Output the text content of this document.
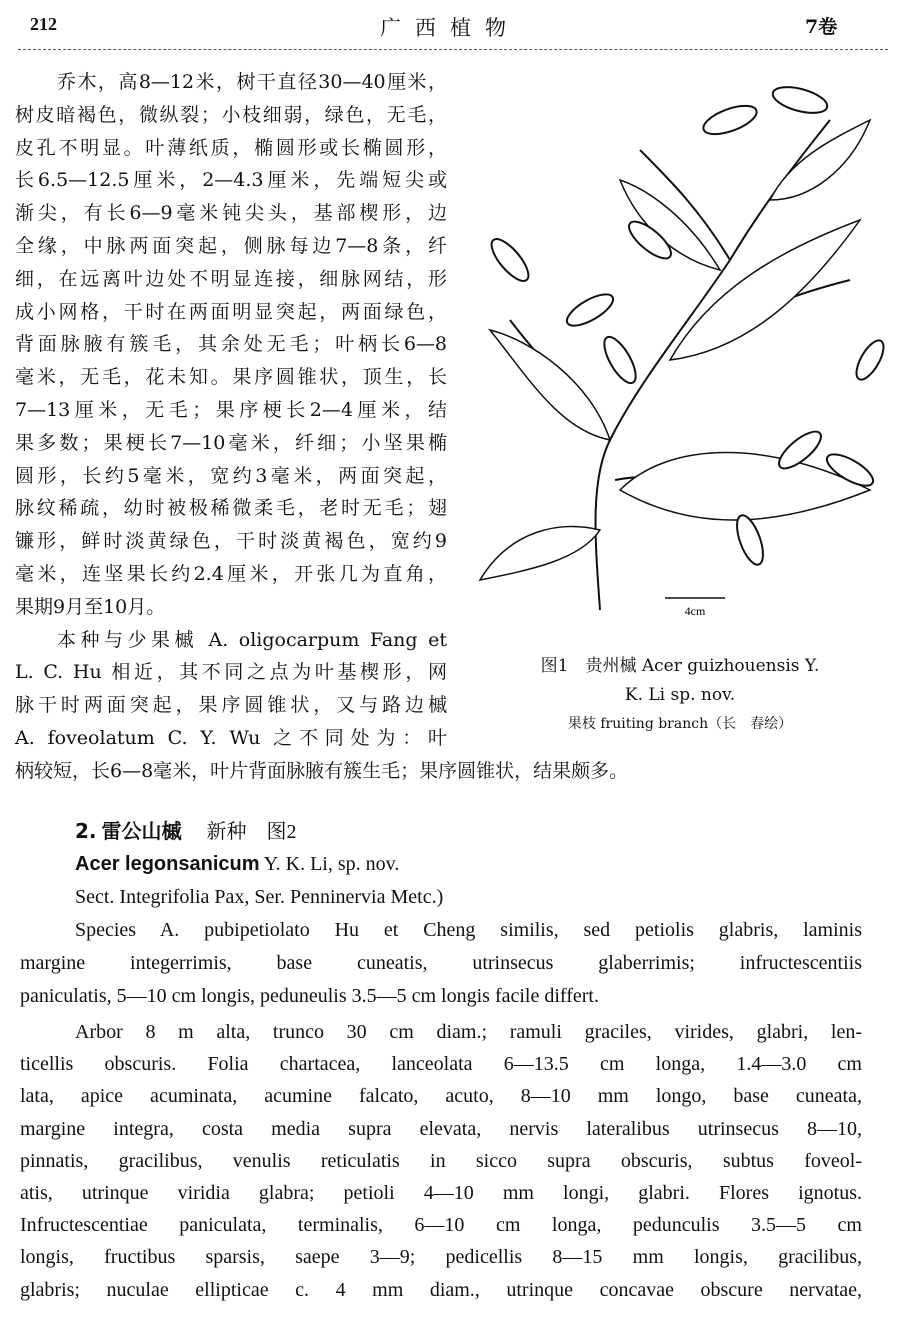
212	广西植物	7卷
乔木，高8—12米，树干直径30—40厘米，
树皮暗褐色，微纵裂；小枝细弱，绿色，无毛，
皮孔不明显。叶薄纸质，椭圆形或长椭圆形，
长6.5—12.5厘米，2—4.3厘米，先端短尖或
渐尖，有长6—9毫米钝尖头，基部楔形，边
全缘，中脉两面突起，侧脉每边7—8条，纤
细，在远离叶边处不明显连接，细脉网结，形
成小网格，干时在两面明显突起，两面绿色，
背面脉腋有簇毛，其余处无毛；叶柄长6—8
毫米，无毛，花未知。果序圆锥状，顶生，长
7—13厘米，无毛；果序梗长2—4厘米，结
果多数；果梗长7—10毫米，纤细；小坚果椭
圆形，长约5毫米，宽约3毫米，两面突起，
脉纹稀疏，幼时被极稀微柔毛，老时无毛；翅
镰形，鲜时淡黄绿色，干时淡黄褐色，宽约9
毫米，连坚果长约2.4厘米，开张几为直角，
果期9月至10月。
本种与少果槭 A. oligocarpum Fang et
L. C. Hu 相近，其不同之点为叶基楔形，网
脉干时两面突起，果序圆锥状，又与路边槭
A. foveolatum C. Y. Wu 之不同处为：叶
柄较短，长6—8毫米，叶片背面脉腋有簇生毛；果序圆锥状，结果颇多。
4cm
图1　贵州槭 Acer guizhouensis Y.
K. Li sp. nov.
果枝 fruiting branch（长　春绘）
2. 雷公山槭 新种　图2
Acer legonsanicum Y. K. Li, sp. nov.
Sect. Integrifolia Pax, Ser. Penninervia Metc.)
Species A. pubipetiolato Hu et Cheng similis, sed petiolis glabris, laminis
margine integerrimis, base cuneatis, utrinsecus glaberrimis; infructescentiis
paniculatis, 5—10 cm longis, peduneulis 3.5—5 cm longis facile differt.
Arbor 8 m alta, trunco 30 cm diam.; ramuli graciles, virides, glabri, len-
ticellis obscuris. Folia chartacea, lanceolata 6—13.5 cm longa, 1.4—3.0 cm
lata, apice acuminata, acumine falcato, acuto, 8—10 mm longo, base cuneata,
margine integra, costa media supra elevata, nervis lateralibus utrinsecus 8—10,
pinnatis, gracilibus, venulis reticulatis in sicco supra obscuris, subtus foveol-
atis, utrinque viridia glabra; petioli 4—10 mm longi, glabri. Flores ignotus.
Infructescentiae paniculata, terminalis, 6—10 cm longa, pedunculis 3.5—5 cm
longis, fructibus sparsis, saepe 3—9; pedicellis 8—15 mm longis, gracilibus,
glabris; nuculae ellipticae c. 4 mm diam., utrinque concavae obscure nervatae,
